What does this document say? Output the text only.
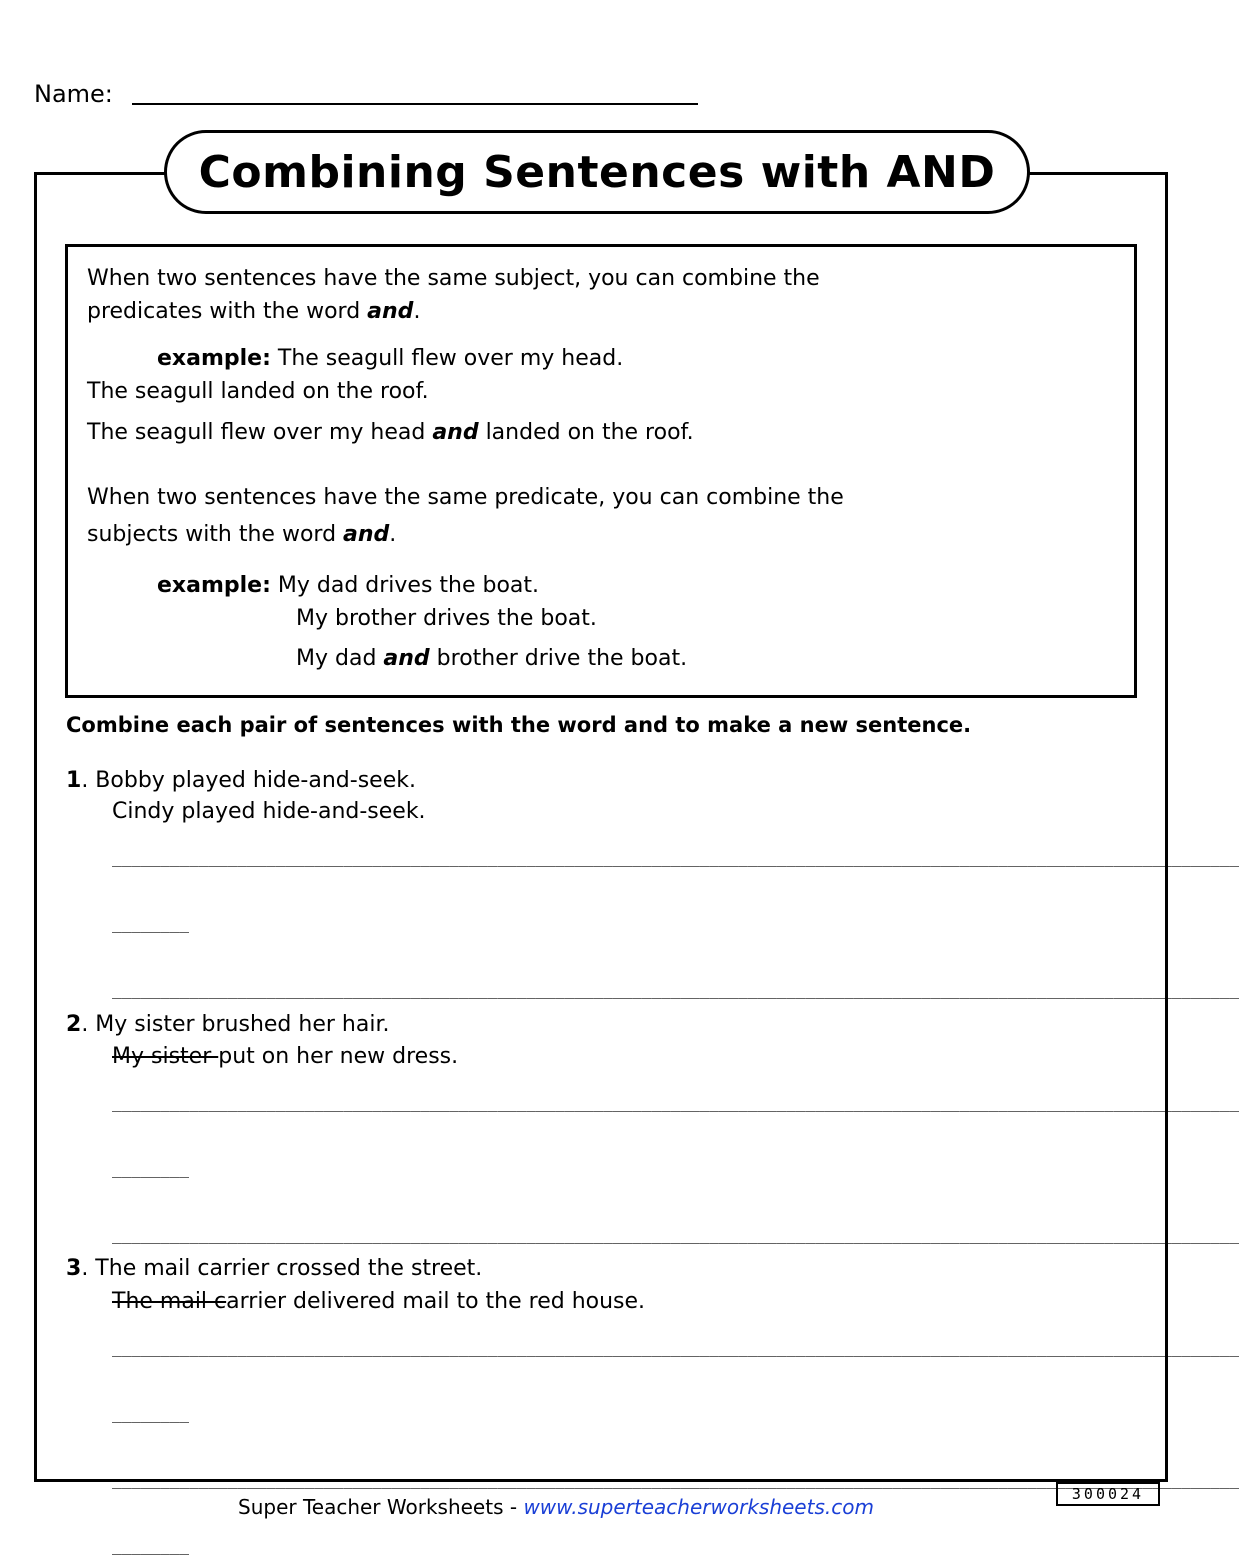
Name:
Combining Sentences with AND
When two sentences have the same subject, you can combine the
predicates with the word and.
example: The seagull flew over my head.
The seagull landed on the roof.
The seagull flew over my head and landed on the roof.
When two sentences have the same predicate, you can combine the
subjects with the word and.
example: My dad drives the boat.
My brother drives the boat.
My dad and brother drive the boat.
Combine each pair of sentences with the word and to make a new sentence.
1. Bobby played hide-and-seek.
Cindy played hide-and-seek.
_____________________________________________________________________________________________________________________
________
_____________________________________________________________________________________________________________________
2. My sister brushed her hair.
My sister put on her new dress.
_____________________________________________________________________________________________________________________
________
_____________________________________________________________________________________________________________________
3. The mail carrier crossed the street.
The mail carrier delivered mail to the red house.
_____________________________________________________________________________________________________________________
________
_____________________________________________________________________________________________________________________
Super Teacher Worksheets - www.superteacherworksheets.com
300024
________
